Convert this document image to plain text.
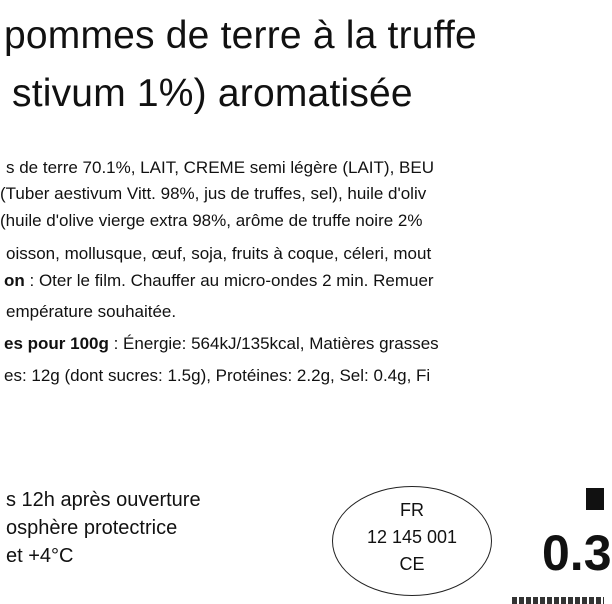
pommes de terre à la truffe
stivum 1%) aromatisée
s de terre 70.1%, LAIT, CREME semi légère (LAIT), BEU
(Tuber aestivum Vitt. 98%, jus de truffes, sel), huile d'oliv
(huile d'olive vierge extra 98%, arôme de truffe noire 2%
oisson, mollusque, œuf, soja, fruits à coque, céleri, mout
on : Oter le film. Chauffer au micro-ondes 2 min. Remuer
empérature souhaitée.
es pour 100g : Énergie: 564kJ/135kcal, Matières grasses
es: 12g (dont sucres: 1.5g), Protéines: 2.2g, Sel: 0.4g, Fi
s 12h après ouverture
osphère protectrice
et +4°C
FR
12 145 001
CE	0.3
